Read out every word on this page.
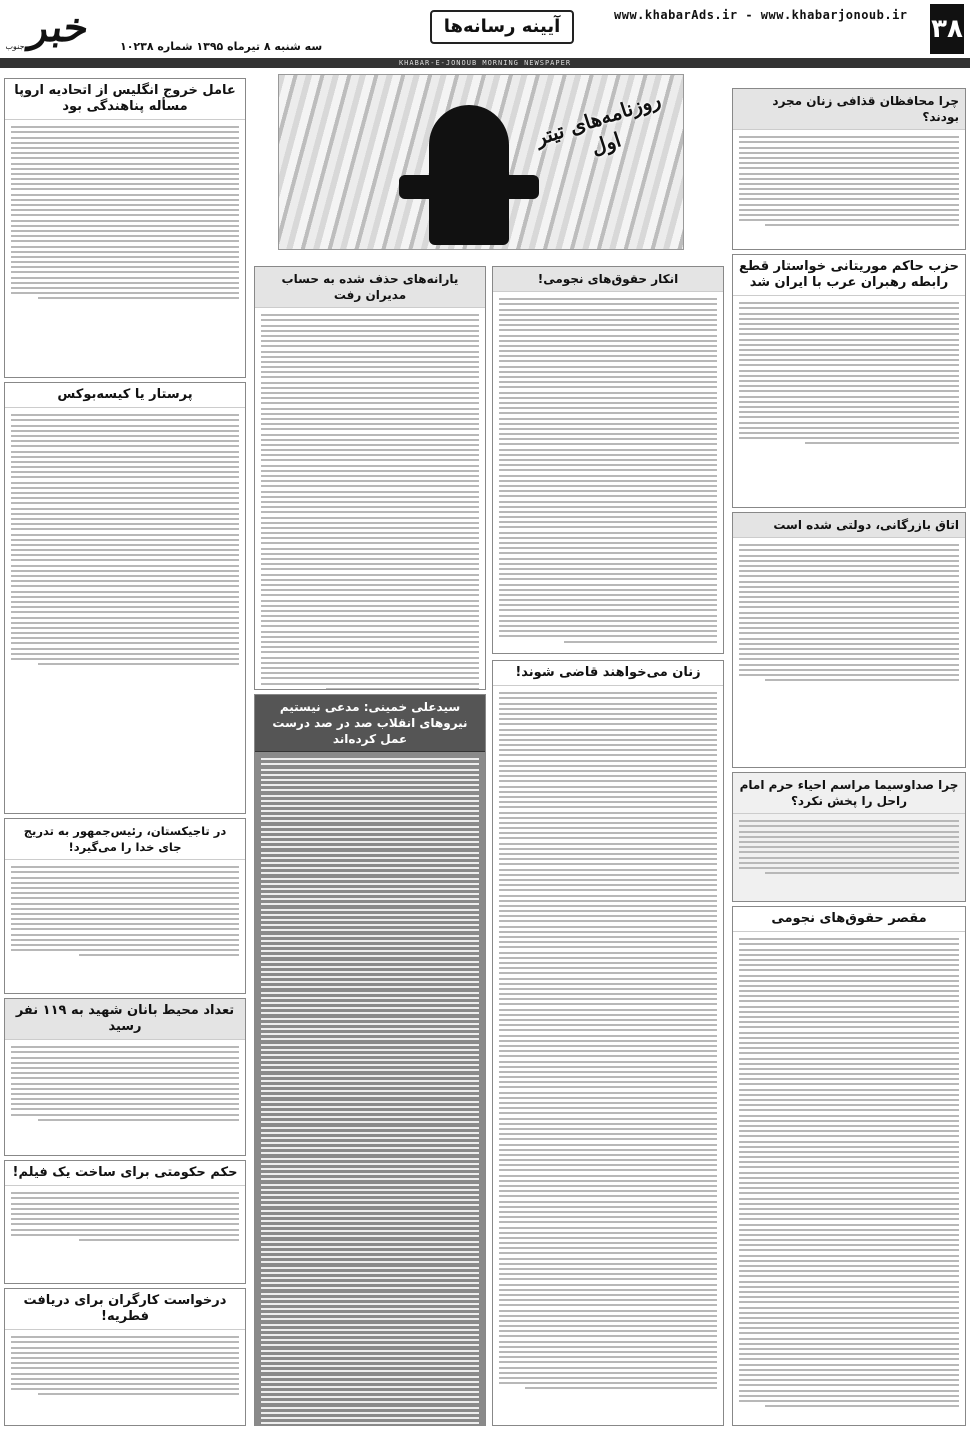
۳۸
www.khabarAds.ir - www.khabarjonoub.ir
آیینه رسانه‌ها
سه شنبه ۸ تیرماه ۱۳۹۵ شماره ۱۰۲۳۸
خبر
جنوب
KHABAR-E-JONOUB MORNING NEWSPAPER
روزنامه‌های تیتر اول
چرا محافظان قذافی زنان مجرد بودند؟
حزب حاکم موریتانی خواستار قطع رابطه رهبران عرب با ایران شد
اتاق بازرگانی، دولتی شده است
چرا صداوسیما مراسم احیاء حرم امام راحل را پخش نکرد؟
مقصر حقوق‌های نجومی
انکار حقوق‌های نجومی!
یارانه‌های حذف شده به حساب مدیران رفت
زنان می‌خواهند قاضی شوند!
سیدعلی خمینی: مدعی نیستیم نیروهای انقلاب صد در صد درست عمل کرده‌اند
عامل خروج انگلیس از اتحادیه اروپا مسأله پناهندگی بود
پرستار یا کیسه‌بوکس
در تاجیکستان، رئیس‌جمهور به تدریج جای خدا را می‌گیرد!
تعداد محیط بانان شهید به ۱۱۹ نفر رسید
حکم حکومتی برای ساخت یک فیلم!
درخواست کارگران برای دریافت فطریه!
